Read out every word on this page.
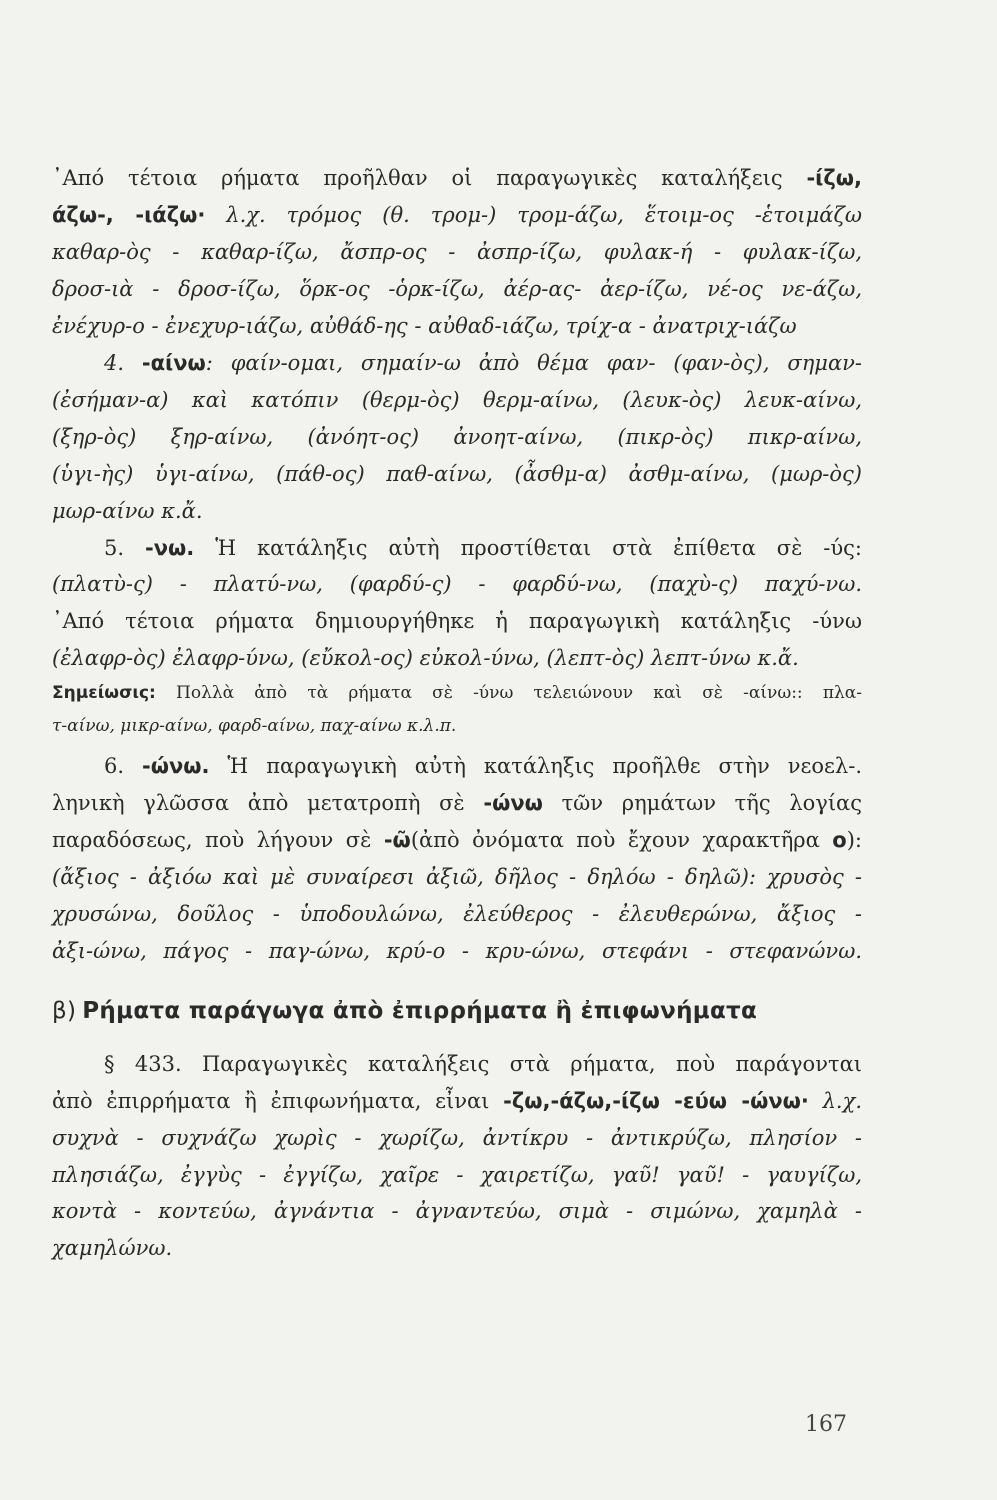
᾿Από τέτοια ρήματα προῆλθαν οἱ παραγωγικὲς καταλήξεις -ίζω,
άζω-, -ιάζω· λ.χ. τρόμος (θ. τρομ-) τρομ-άζω, ἕτοιμ-ος -ἑτοιμάζω
καθαρ-ὸς - καθαρ-ίζω, ἄσπρ-ος - ἀσπρ-ίζω, φυλακ-ή - φυλακ-ίζω,
δροσ-ιὰ - δροσ-ίζω, ὅρκ-ος -ὁρκ-ίζω, ἀέρ-ας- ἀερ-ίζω, νέ-ος νε-άζω,
ἐνέχυρ-ο - ἐνεχυρ-ιάζω, αὐθάδ-ης - αὐθαδ-ιάζω, τρίχ-α - ἀνατριχ-ιάζω
4. -αίνω: φαίν-ομαι, σημαίν-ω ἀπὸ θέμα φαν- (φαν-ὸς), σημαν-
(ἐσήμαν-α) καὶ κατόπιν (θερμ-ὸς) θερμ-αίνω, (λευκ-ὸς) λευκ-αίνω,
(ξηρ-ὸς) ξηρ-αίνω, (ἀνόητ-ος) ἀνοητ-αίνω, (πικρ-ὸς) πικρ-αίνω,
(ὑγι-ὴς) ὑγι-αίνω, (πάθ-ος) παθ-αίνω, (ἆσθμ-α) ἀσθμ-αίνω, (μωρ-ὸς)
μωρ-αίνω κ.ἄ.
5. -νω. Ἡ κατάληξις αὐτὴ προστίθεται στὰ ἐπίθετα σὲ -ύς:
(πλατὺ-ς) - πλατύ-νω, (φαρδύ-ς) - φαρδύ-νω, (παχὺ-ς) παχύ-νω.
᾿Από τέτοια ρήματα δημιουργήθηκε ἡ παραγωγικὴ κατάληξις -ύνω
(ἐλαφρ-ὸς) ἐλαφρ-ύνω, (εὔκολ-ος) εὐκολ-ύνω, (λεπτ-ὸς) λεπτ-ύνω κ.ἄ.
Σημείωσις: Πολλὰ ἀπὸ τὰ ρήματα σὲ -ύνω τελειώνουν καὶ σὲ -αίνω:: πλα-
τ-αίνω, μικρ-αίνω, φαρδ-αίνω, παχ-αίνω κ.λ.π.
6. -ώνω. Ἡ παραγωγικὴ αὐτὴ κατάληξις προῆλθε στὴν νεοελ-.
ληνικὴ γλῶσσα ἀπὸ μετατροπὴ σὲ -ώνω τῶν ρημάτων τῆς λογίας
παραδόσεως, ποὺ λήγουν σὲ -ῶ(ἀπὸ ὀνόματα ποὺ ἔχουν χαρακτῆρα ο):
(ἄξιος - ἀξιόω καὶ μὲ συναίρεσι ἀξιῶ, δῆλος - δηλόω - δηλῶ): χρυσὸς -
χρυσώνω, δοῦλος - ὑποδουλώνω, ἐλεύθερος - ἐλευθερώνω, ἄξιος -
ἀξι-ώνω, πάγος - παγ-ώνω, κρύ-ο - κρυ-ώνω, στεφάνι - στεφανώνω.
β) Ρήματα παράγωγα ἀπὸ ἐπιρρήματα ἢ ἐπιφωνήματα
§ 433. Παραγωγικὲς καταλήξεις στὰ ρήματα, ποὺ παράγονται
ἀπὸ ἐπιρρήματα ἢ ἐπιφωνήματα, εἶναι -ζω,-άζω,-ίζω -εύω -ώνω· λ.χ.
συχνὰ - συχνάζω χωρὶς - χωρίζω, ἀντίκρυ - ἀντικρύζω, πλησίον -
πλησιάζω, ἐγγὺς - ἐγγίζω, χαῖρε - χαιρετίζω, γαῦ! γαῦ! - γαυγίζω,
κοντὰ - κοντεύω, ἀγνάντια - ἀγναντεύω, σιμὰ - σιμώνω, χαμηλὰ -
χαμηλώνω.
167
